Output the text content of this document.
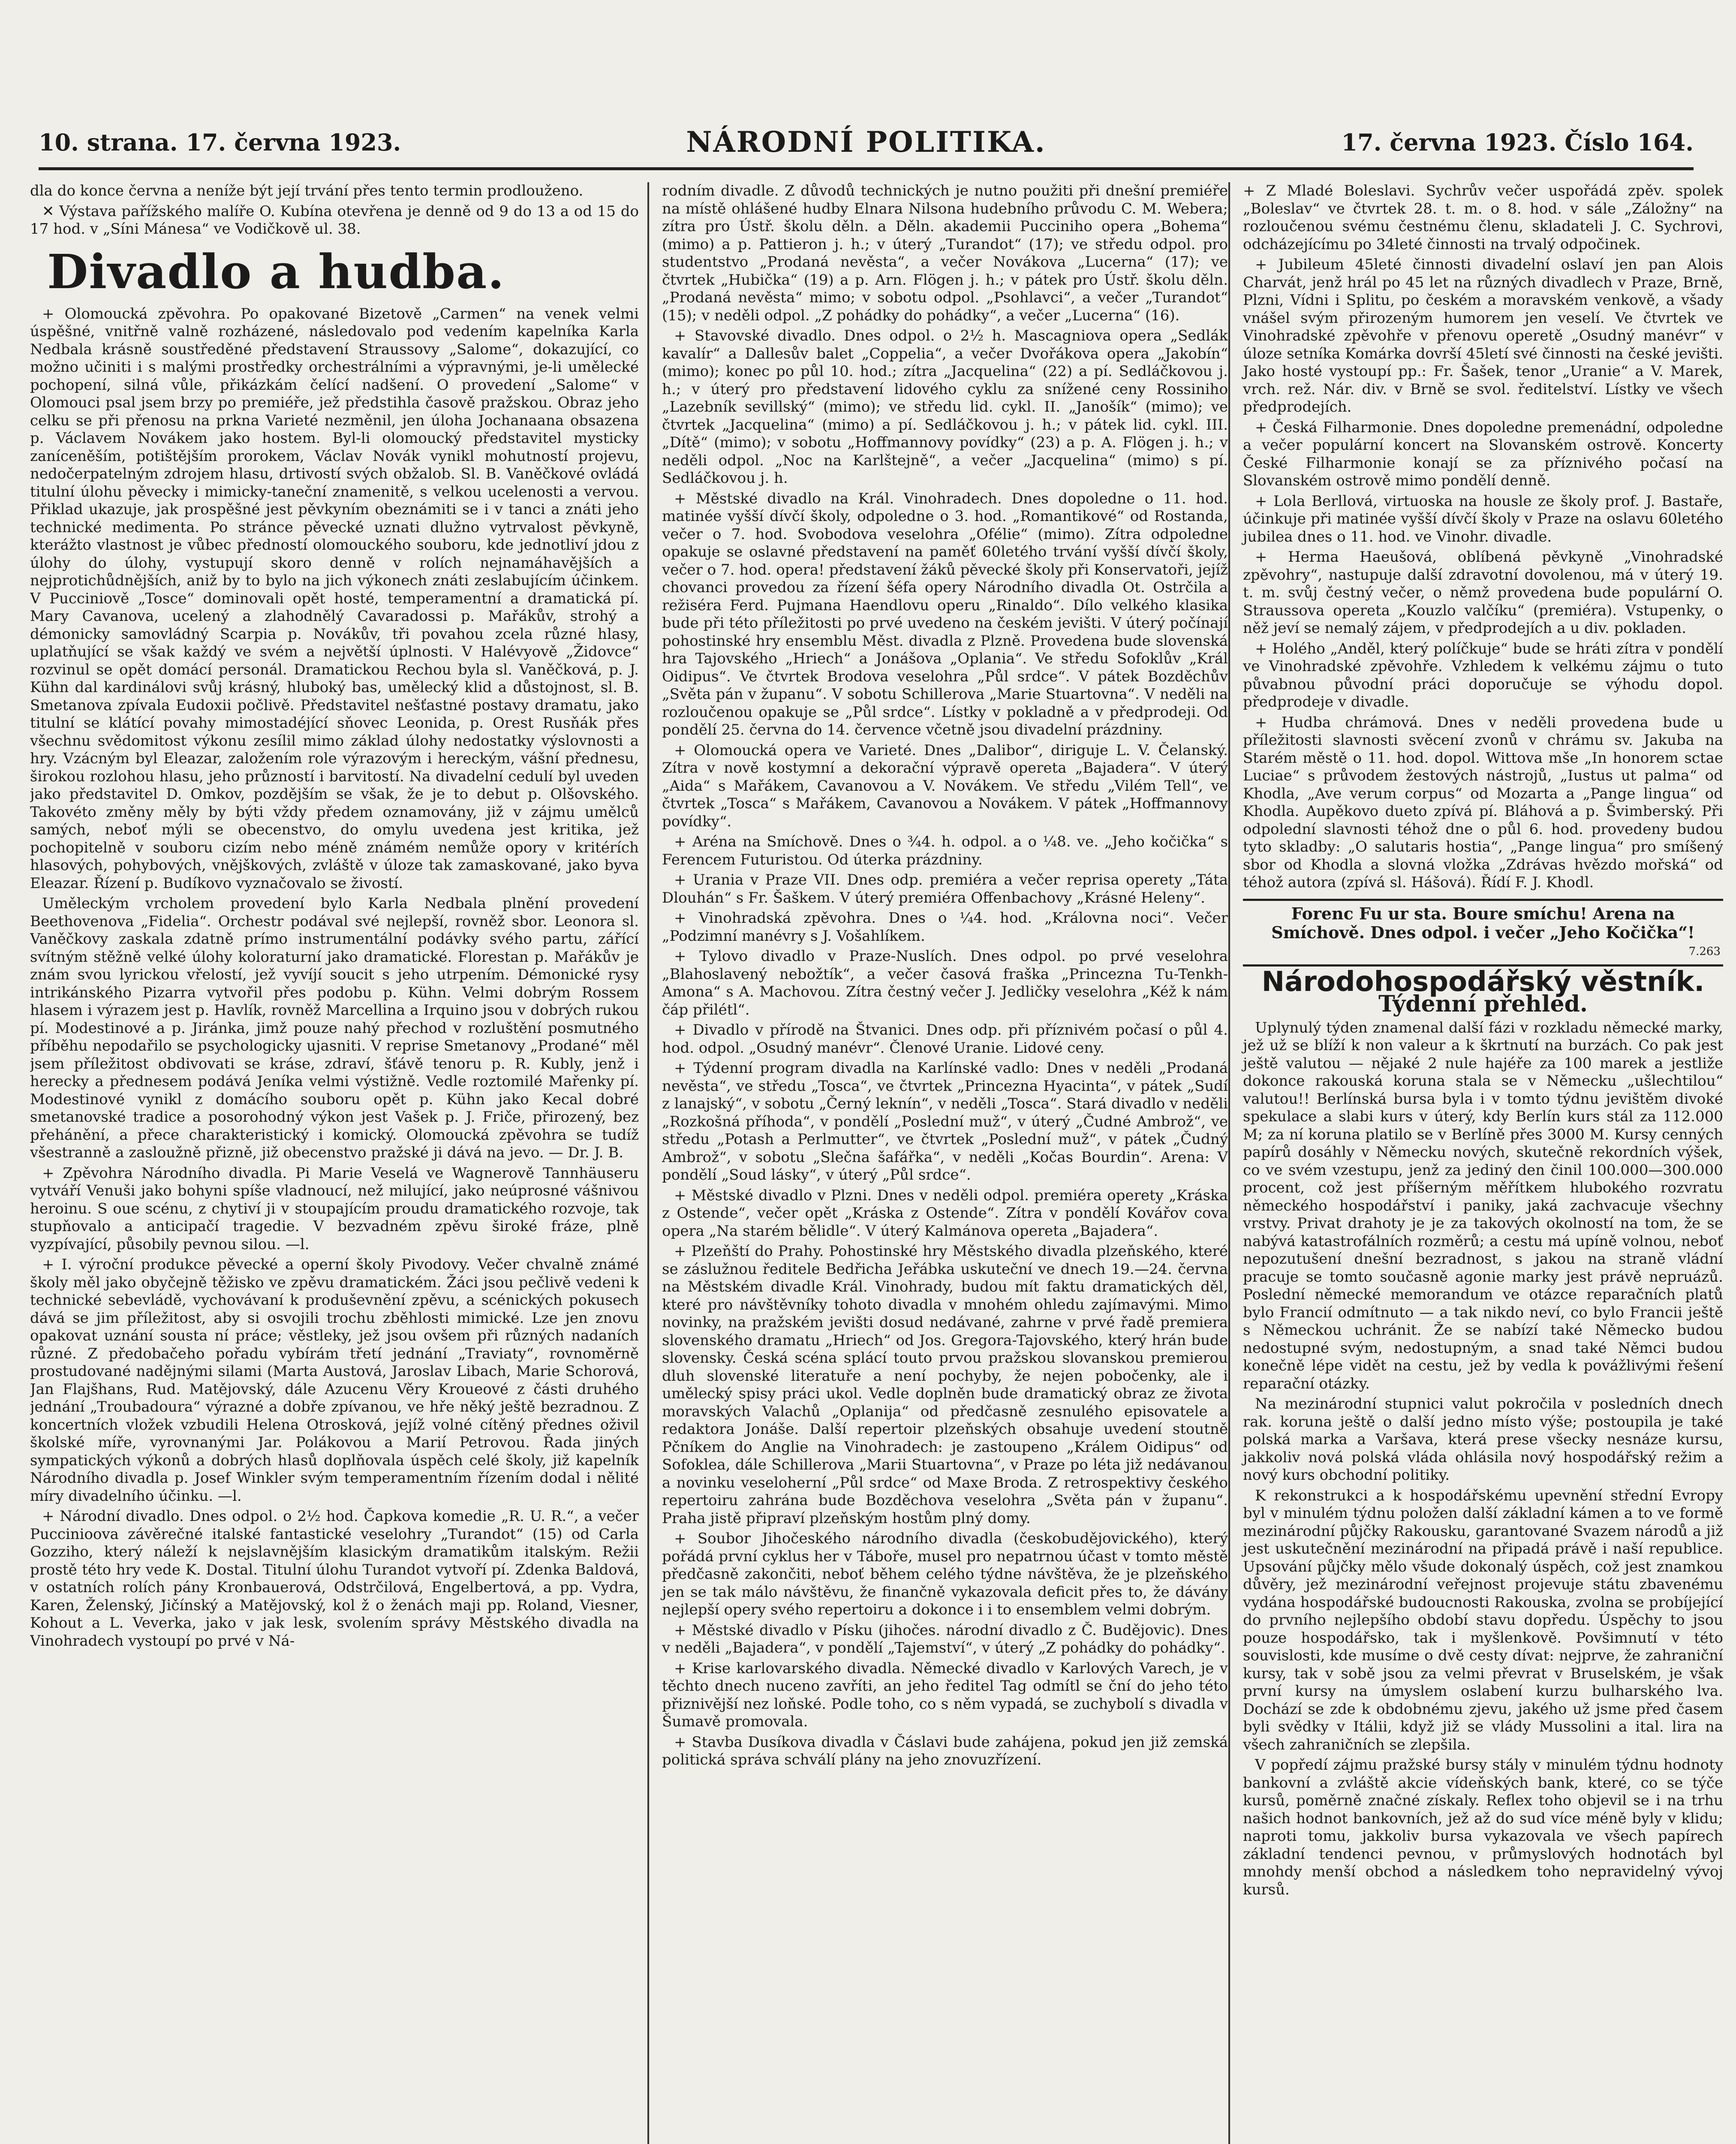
10. strana. 17. června 1923.	NÁRODNÍ POLITIKA.	17. června 1923. Číslo 164.

dla do konce června a neníže být její trvání přes tento termin prodlouženo.

✕ Výstava pařížského malíře O. Kubína otevřena je denně od 9 do 13 a od 15 do 17 hod. v „Síni Mánesa“ ve Vodičkově ul. 38.

Divadlo a hudba.

+ Olomoucká zpěvohra. Po opakované Bizetově „Carmen“ na venek velmi úspěšné, vnitřně valně rozházené, následovalo pod vedením kapelníka Karla Nedbala krásně soustředěné představení Straussovy „Salome“, dokazující, co možno učiniti i s malými prostředky orchestrálními a výpravnými, je-li umělecké pochopení, silná vůle, přikázkám čelící nadšení. O provedení „Salome“ v Olomouci psal jsem brzy po premiéře, jež předstihla časově pražskou. Obraz jeho celku se při přenosu na prkna Varieté nezměnil, jen úloha Jochanaana obsazena p. Václavem Novákem jako hostem. Byl-li olomoucký představitel mysticky zaníceněším, potištějším prorokem, Václav Novák vynikl mohutností projevu, nedočerpatelným zdrojem hlasu, drtivostí svých obžalob. Sl. B. Vaněčkové ovládá titulní úlohu pěvecky i mimicky-taneční znamenitě, s velkou ucelenosti a vervou. Přiklad ukazuje, jak prospěšné jest pěvkyním obeznámiti se i v tanci a znáti jeho technické medimenta. Po stránce pěvecké uznati dlužno vytrvalost pěvkyně, kterážto vlastnost je vůbec předností olomouckého souboru, kde jednotliví jdou z úlohy do úlohy, vystupují skoro denně v rolích nejnamáhavějších a nejprotichůdnějších, aniž by to bylo na jich výkonech znáti zeslabujícím účinkem. V Pucciniově „Tosce“ dominovali opět hosté, temperamentní a dramatická pí. Mary Cavanova, ucelený a zlahodnělý Cavaradossi p. Mařákův, strohý a démonicky samovládný Scarpia p. Novákův, tři povahou zcela různé hlasy, uplatňující se však každý ve svém a největší úplnosti. V Halévyově „Židovce“ rozvinul se opět domácí personál. Dramatickou Rechou byla sl. Vaněčková, p. J. Kühn dal kardinálovi svůj krásný, hluboký bas, umělecký klid a důstojnost, sl. B. Smetanova zpívala Eudoxii počlivě. Představitel nešťastné postavy dramatu, jako titulní se klátící povahy mimostadéjící sňovec Leonida, p. Orest Rusňák přes všechnu svědomitost výkonu zesílil mimo základ úlohy nedostatky výslovnosti a hry. Vzácným byl Eleazar, založením role výrazovým i hereckým, vášní přednesu, širokou rozlohou hlasu, jeho průzností i barvitostí. Na divadelní cedulí byl uveden jako představitel D. Omkov, pozdějším se však, že je to debut p. Olšovského. Takovéto změny měly by býti vždy předem oznamovány, již v zájmu umělců samých, neboť mýli se obecenstvo, do omylu uvedena jest kritika, jež pochopitelně v souboru cizím nebo méně známém nemůže opory v kritérích hlasových, pohybových, vnějškových, zvláště v úloze tak zamaskované, jako byva Eleazar. Řízení p. Budíkovo vyznačovalo se živostí.

Uměleckým vrcholem provedení bylo Karla Nedbala plnění provedení Beethovenova „Fidelia“. Orchestr podával své nejlepší, rovněž sbor. Leonora sl. Vaněčkovy zaskala zdatně prímo instrumentální podávky svého partu, zářící svítným stěžně velké úlohy koloraturní jako dramatické. Florestan p. Mařákův je znám svou lyrickou vřelostí, jež vyvíjí soucit s jeho utrpením. Démonické rysy intrikánského Pizarra vytvořil přes podobu p. Kühn. Velmi dobrým Rossem hlasem i výrazem jest p. Havlík, rovněž Marcellina a Irquino jsou v dobrých rukou pí. Modestinové a p. Jiránka, jimž pouze nahý přechod v rozluštění posmutného příběhu nepodařilo se psychologicky ujasniti. V reprise Smetanovy „Prodané“ měl jsem příležitost obdivovati se kráse, zdraví, šťávě tenoru p. R. Kubly, jenž i herecky a přednesem podává Jeníka velmi výstižně. Vedle roztomilé Mařenky pí. Modestinové vynikl z domácího souboru opět p. Kühn jako Kecal dobré smetanovské tradice a posorohodný výkon jest Vašek p. J. Friče, přirozený, bez přehánění, a přece charakteristický i komický. Olomoucká zpěvohra se tudíž všestranně a zasloužně přizně, již obecenstvo pražské ji dává na jevo. — Dr. J. B.

+ Zpěvohra Národního divadla. Pi Marie Veselá ve Wagnerově Tannhäuseru vytváří Venuši jako bohyni spíše vladnoucí, než milující, jako neúprosné vášnivou heroinu. S oue scénu, z chytiví ji v stoupajícím proudu dramatického rozvoje, tak stupňovalo a anticipačí tragedie. V bezvadném zpěvu široké fráze, plně vyzpívající, působily pevnou silou. —l.

+ I. výroční produkce pěvecké a operní školy Pivodovy. Večer chvalně známé školy měl jako obyčejně těžisko ve zpěvu dramatickém. Žáci jsou pečlivě vedeni k technické sebevládě, vychovávaní k produševnění zpěvu, a scénických pokusech dává se jim příležitost, aby si osvojili trochu zběhlosti mimické. Lze jen znovu opakovat uznání sousta ní práce; věstleky, jež jsou ovšem při různých nadaních různé. Z předobačeho pořadu vybírám třetí jednání „Traviaty“, rovnoměrně prostudované nadějnými silami (Marta Austová, Jaroslav Libach, Marie Schorová, Jan Flajšhans, Rud. Matějovský, dále Azucenu Věry Kroueové z části druhého jednání „Troubadoura“ výrazné a dobře zpívanou, ve hře něký ještě bezradnou. Z koncertních vložek vzbudili Helena Otrosková, jejíž volné cítěný přednes oživil školské míře, vyrovnanými Jar. Polákovou a Marií Petrovou. Řada jiných sympatických výkonů a dobrých hlasů doplňovala úspěch celé školy, již kapelník Národního divadla p. Josef Winkler svým temperamentním řízením dodal i nělité míry divadelního účinku. —l.

+ Národní divadlo. Dnes odpol. o 2½ hod. Čapkova komedie „R. U. R.“, a večer Puccinioova závěrečné italské fantastické veselohry „Turandot“ (15) od Carla Gozziho, který náleží k nejslavnějším klasickým dramatikům italským. Režii prostě této hry vede K. Dostal. Titulní úlohu Turandot vytvoří pí. Zdenka Baldová, v ostatních rolích pány Kronbauerová, Odstrčilová, Engelbertová, a pp. Vydra, Karen, Želenský, Jičínský a Matějovský, kol ž o ženách maji pp. Roland, Viesner, Kohout a L. Veverka, jako v jak lesk, svolením správy Městského divadla na Vinohradech vystoupí po prvé v Ná-

rodním divadle. Z důvodů technických je nutno použiti při dnešní premiéře na místě ohlášené hudby Elnara Nilsona hudebního průvodu C. M. Webera; zítra pro Ústř. školu děln. a Děln. akademii Pucciniho opera „Bohema“ (mimo) a p. Pattieron j. h.; v úterý „Turandot“ (17); ve středu odpol. pro studentstvo „Prodaná nevěsta“, a večer Novákova „Lucerna“ (17); ve čtvrtek „Hubička“ (19) a p. Arn. Flögen j. h.; v pátek pro Ústř. školu děln. „Prodaná nevěsta“ mimo; v sobotu odpol. „Psohlavci“, a večer „Turandot“ (15); v neděli odpol. „Z pohádky do pohádky“, a večer „Lucerna“ (16).

+ Stavovské divadlo. Dnes odpol. o 2½ h. Mascagniova opera „Sedlák kavalír“ a Dallesův balet „Coppelia“, a večer Dvořákova opera „Jakobín“ (mimo); konec po půl 10. hod.; zítra „Jacquelina“ (22) a pí. Sedláčkovou j. h.; v úterý pro představení lidového cyklu za snížené ceny Rossiniho „Lazebník sevillský“ (mimo); ve středu lid. cykl. II. „Janošík“ (mimo); ve čtvrtek „Jacquelina“ (mimo) a pí. Sedláčkovou j. h.; v pátek lid. cykl. III. „Dítě“ (mimo); v sobotu „Hoffmannovy povídky“ (23) a p. A. Flögen j. h.; v neděli odpol. „Noc na Karlštejně“, a večer „Jacquelina“ (mimo) s pí. Sedláčkovou j. h.

+ Městské divadlo na Král. Vinohradech. Dnes dopoledne o 11. hod. matinée vyšší dívčí školy, odpoledne o 3. hod. „Romantikové“ od Rostanda, večer o 7. hod. Svobodova veselohra „Ofélie“ (mimo). Zítra odpoledne opakuje se oslavné představení na paměť 60letého trvání vyšší dívčí školy, večer o 7. hod. opera! představení žáků pěvecké školy při Konservatoři, jejíž chovanci provedou za řízení šéfa opery Národního divadla Ot. Ostrčila a režiséra Ferd. Pujmana Haendlovu operu „Rinaldo“. Dílo velkého klasika bude při této příležitosti po prvé uvedeno na českém jevišti. V úterý počínají pohostinské hry ensemblu Měst. divadla z Plzně. Provedena bude slovenská hra Tajovského „Hriech“ a Jonášova „Oplania“. Ve středu Sofoklův „Král Oidipus“. Ve čtvrtek Brodova veselohra „Půl srdce“. V pátek Bozděchův „Světa pán v županu“. V sobotu Schillerova „Marie Stuartovna“. V neděli na rozloučenou opakuje se „Půl srdce“. Lístky v pokladně a v předprodeji. Od pondělí 25. června do 14. července včetně jsou divadelní prázdniny.

+ Olomoucká opera ve Varieté. Dnes „Dalibor“, diriguje L. V. Čelanský. Zítra v nově kostymní a dekorační výpravě opereta „Bajadera“. V úterý „Aida“ s Mařákem, Cavanovou a V. Novákem. Ve středu „Vilém Tell“, ve čtvrtek „Tosca“ s Mařákem, Cavanovou a Novákem. V pátek „Hoffmannovy povídky“.

+ Aréna na Smíchově. Dnes o ¾4. h. odpol. a o ¼8. ve. „Jeho kočička“ s Ferencem Futuristou. Od úterka prázdniny.

+ Urania v Praze VII. Dnes odp. premiéra a večer reprisa operety „Táta Dlouhán“ s Fr. Šaškem. V úterý premiéra Offenbachovy „Krásné Heleny“.

+ Vinohradská zpěvohra. Dnes o ¼4. hod. „Královna noci“. Večer „Podzimní manévry s J. Vošahlíkem.

+ Tylovo divadlo v Praze-Nuslích. Dnes odpol. po prvé veselohra „Blahoslavený nebožtík“, a večer časová fraška „Princezna Tu-Tenkh-Amona“ s A. Machovou. Zítra čestný večer J. Jedličky veselohra „Kéž k nám čáp přilétl“.

+ Divadlo v přírodě na Štvanici. Dnes odp. při příznivém počasí o půl 4. hod. odpol. „Osudný manévr“. Členové Uranie. Lidové ceny.

+ Týdenní program divadla na Karlínské vadlo: Dnes v neděli „Prodaná nevěsta“, ve středu „Tosca“, ve čtvrtek „Princezna Hyacinta“, v pátek „Sudí z lanajský“, v sobotu „Černý leknín“, v neděli „Tosca“. Stará divadlo v neděli „Rozkošná příhoda“, v pondělí „Poslední muž“, v úterý „Čudné Ambrož“, ve středu „Potash a Perlmutter“, ve čtvrtek „Poslední muž“, v pátek „Čudný Ambrož“, v sobotu „Slečna šafářka“, v neděli „Kočas Bourdin“. Arena: V pondělí „Soud lásky“, v úterý „Půl srdce“.

+ Městské divadlo v Plzni. Dnes v neděli odpol. premiéra operety „Kráska z Ostende“, večer opět „Kráska z Ostende“. Zítra v pondělí Kovářov cova opera „Na starém bělidle“. V úterý Kalmánova opereta „Bajadera“.

+ Plzeňští do Prahy. Pohostinské hry Městského divadla plzeňského, které se záslužnou ředitele Bedřicha Jeřábka uskuteční ve dnech 19.—24. června na Městském divadle Král. Vinohrady, budou mít faktu dramatických děl, které pro návštěvníky tohoto divadla v mnohém ohledu zajímavými. Mimo novinky, na pražském jevišti dosud nedávané, zahrne v prvé řadě premiera slovenského dramatu „Hriech“ od Jos. Gregora-Tajovského, který hrán bude slovensky. Česká scéna splácí touto prvou pražskou slovanskou premierou dluh slovenské literatuře a není pochyby, že nejen pobočenky, ale i umělecký spisy práci ukol. Vedle doplněn bude dramatický obraz ze života moravských Valachů „Oplanija“ od předčasně zesnulého episovatele a redaktora Jonáše. Další repertoir plzeňských obsahuje uvedení stoutně Pčníkem do Anglie na Vinohradech: je zastoupeno „Králem Oidipus“ od Sofoklea, dále Schillerova „Marii Stuartovna“, v Praze po léta již nedávanou a novinku veseloherní „Půl srdce“ od Maxe Broda. Z retrospektivy českého repertoiru zahrána bude Bozděchova veselohra „Světa pán v županu“. Praha jistě připraví plzeňským hostům plný domy.

+ Soubor Jihočeského národního divadla (českobudějovického), který pořádá první cyklus her v Táboře, musel pro nepatrnou účast v tomto městě předčasně zakončiti, neboť během celého týdne návštěva, že je plzeňského jen se tak málo návštěvu, že finančně vykazovala deficit přes to, že dávány nejlepší opery svého repertoiru a dokonce i i to ensemblem velmi dobrým.

+ Městské divadlo v Písku (jihočes. národní divadlo z Č. Budějovic). Dnes v neděli „Bajadera“, v pondělí „Tajemství“, v úterý „Z pohádky do pohádky“.

+ Krise karlovarského divadla. Německé divadlo v Karlových Varech, je v těchto dnech nuceno zavříti, an jeho ředitel Tag odmítl se ční do jeho této přiznivější nez loňské. Podle toho, co s něm vypadá, se zuchybolí s divadla v Šumavě promovala.

+ Stavba Dusíkova divadla v Čáslavi bude zahájena, pokud jen již zemská politická správa schválí plány na jeho znovuzřízení.

+ Z Mladé Boleslavi. Sychrův večer uspořádá zpěv. spolek „Boleslav“ ve čtvrtek 28. t. m. o 8. hod. v sále „Záložny“ na rozloučenou svému čestnému členu, skladateli J. C. Sychrovi, odcházejícímu po 34leté činnosti na trvalý odpočinek.

+ Jubileum 45leté činnosti divadelní oslaví jen pan Alois Charvát, jenž hrál po 45 let na různých divadlech v Praze, Brně, Plzni, Vídni i Splitu, po českém a moravském venkově, a všady vnášel svým přirozeným humorem jen veselí. Ve čtvrtek ve Vinohradské zpěvohře v přenovu operetě „Osudný manévr“ v úloze setníka Komárka dovrší 45letí své činnosti na české jevišti. Jako hosté vystoupí pp.: Fr. Šašek, tenor „Uranie“ a V. Marek, vrch. rež. Nár. div. v Brně se svol. ředitelství. Lístky ve všech předprodejích.

+ Česká Filharmonie. Dnes dopoledne premenádní, odpoledne a večer populární koncert na Slovanském ostrově. Koncerty České Filharmonie konají se za příznivého počasí na Slovanském ostrově mimo pondělí denně.

+ Lola Berllová, virtuoska na housle ze školy prof. J. Bastaře, účinkuje při matinée vyšší dívčí školy v Praze na oslavu 60letého jubilea dnes o 11. hod. ve Vinohr. divadle.

+ Herma Haeušová, oblíbená pěvkyně „Vinohradské zpěvohry“, nastupuje další zdravotní dovolenou, má v úterý 19. t. m. svůj čestný večer, o němž provedena bude populární O. Straussova opereta „Kouzlo valčíku“ (premiéra). Vstupenky, o něž jeví se nemalý zájem, v předprodejích a u div. pokladen.

+ Holého „Anděl, který políčkuje“ bude se hráti zítra v pondělí ve Vinohradské zpěvohře. Vzhledem k velkému zájmu o tuto půvabnou původní práci doporučuje se výhodu dopol. předprodeje v divadle.

+ Hudba chrámová. Dnes v neděli provedena bude u příležitosti slavnosti svěcení zvonů v chrámu sv. Jakuba na Starém městě o 11. hod. dopol. Wittova mše „In honorem sctae Luciae“ s průvodem žestových nástrojů, „Iustus ut palma“ od Khodla, „Ave verum corpus“ od Mozarta a „Pange lingua“ od Khodla. Aupěkovo dueto zpívá pí. Bláhová a p. Švimberský. Při odpolední slavnosti téhož dne o půl 6. hod. provedeny budou tyto skladby: „O salutaris hostia“, „Pange lingua“ pro smíšený sbor od Khodla a slovná vložka „Zdrávas hvězdo mořská“ od téhož autora (zpívá sl. Hášová). Řídí F. J. Khodl.

Forenc Fu ur sta. Boure smíchu! Arena na Smíchově. Dnes odpol. i večer „Jeho Kočička“!
7.263
Národohospodářský věstník.
Týdenní přehled.

Uplynulý týden znamenal další fázi v rozkladu německé marky, jež už se blíží k non valeur a k škrtnutí na burzách. Co pak jest ještě valutou — nějaké 2 nule hajéře za 100 marek a jestliže dokonce rakouská koruna stala se v Německu „ušlechtilou“ valutou!! Berlínská bursa byla i v tomto týdnu jevištěm divoké spekulace a slabi kurs v úterý, kdy Berlín kurs stál za 112.000 M; za ní koruna platilo se v Berlíně přes 3000 M. Kursy cenných papírů dosáhly v Německu nových, skutečně rekordních výšek, co ve svém vzestupu, jenž za jediný den činil 100.000—300.000 procent, což jest příšerným měřítkem hlubokého rozvratu německého hospodářství i paniky, jaká zachvacuje všechny vrstvy. Privat drahoty je je za takových okolností na tom, že se nabývá katastrofálních rozměrů; a cestu má upíně volnou, neboť nepozutušení dnešní bezradnost, s jakou na straně vládní pracuje se tomto současně agonie marky jest právě nepruázů. Poslední německé memorandum ve otázce reparačních platů bylo Francií odmítnuto — a tak nikdo neví, co bylo Francii ještě s Německou uchránit. Že se nabízí také Německo budou nedostupné svým, nedostupným, a snad také Němci budou konečně lépe vidět na cestu, jež by vedla k povážlivými řešení reparační otázky.

Na mezinárodní stupnici valut pokročila v posledních dnech rak. koruna ještě o další jedno místo výše; postoupila je také polská marka a Varšava, která prese všecky nesnáze kursu, jakkoliv nová polská vláda ohlásila nový hospodářský režim a nový kurs obchodní politiky.

K rekonstrukci a k hospodářskému upevnění střední Evropy byl v minulém týdnu položen další základní kámen a to ve formě mezinárodní půjčky Rakousku, garantované Svazem národů a již jest uskutečnění mezinárodní na připadá právě i naší republice. Upsování půjčky mělo všude dokonalý úspěch, což jest znamkou důvěry, jež mezinárodní veřejnost projevuje státu zbavenému vydána hospodářské budoucnosti Rakouska, zvolna se probíjející do prvního nejlepšího období stavu dopředu. Úspěchy to jsou pouze hospodářsko, tak i myšlenkově. Povšimnutí v této souvislosti, kde musíme o dvě cesty dívat: nejprve, že zahraniční kursy, tak v sobě jsou za velmi převrat v Bruselském, je však první kursy na úmyslem oslabení kurzu bulharského lva. Dochází se zde k obdobnému zjevu, jakého už jsme před časem byli svědky v Itálii, když již se vlády Mussolini a ital. lira na všech zahraničních se zlepšila.

V popředí zájmu pražské bursy stály v minulém týdnu hodnoty bankovní a zvláště akcie vídeňských bank, které, co se týče kursů, poměrně značné získaly. Reflex toho objevil se i na trhu našich hodnot bankovních, jež až do sud více méně byly v klidu; naproti tomu, jakkoliv bursa vykazovala ve všech papírech základní tendenci pevnou, v průmyslových hodnotách byl mnohdy menší obchod a následkem toho nepravidelný vývoj kursů.
